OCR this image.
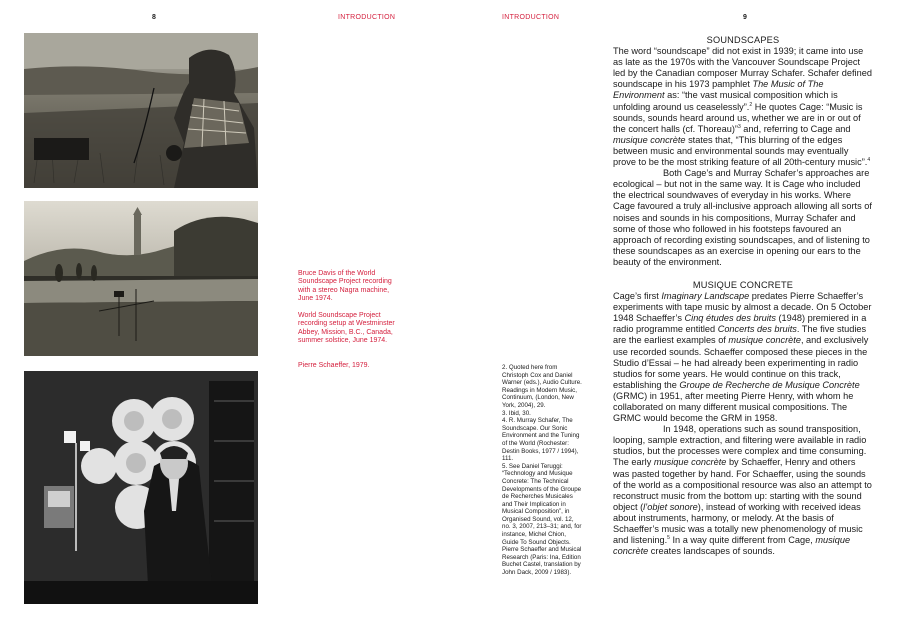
8	INTRODUCTION
Bruce Davis of the World Soundscape Project recording with a stereo Nagra machine, June 1974.
World Soundscape Project recording setup at Westminster Abbey, Mission, B.C., Canada, summer solstice, June 1974.
Pierre Schaeffer, 1979.
INTRODUCTION	9

2. Quoted here from Christoph Cox and Daniel Warner (eds.), Audio Culture. Readings in Modern Music, Continuum, (London, New York, 2004), 29.

3. Ibid, 30.

4. R. Murray Schafer, The Soundscape. Our Sonic Environment and the Tuning of the World (Rochester: Destin Books, 1977 / 1994), 111.

5. See Daniel Teruggi: “Technology and Musique Concrete: The Technical Developments of the Groupe de Recherches Musicales and Their Implication in Musical Composition”, in Organised Sound, vol. 12, no. 3, 2007, 213–31; and, for instance, Michel Chion, Guide To Sound Objects. Pierre Schaeffer and Musical Research (Paris: Ina, Edition Buchet Castel, translation by John Dack, 2009 / 1983).

SOUNDSCAPES

The word “soundscape” did not exist in 1939; it came into use as late as the 1970s with the Vancouver Soundscape Project led by the Canadian composer Murray Schafer. Schafer defined soundscape in his 1973 pamphlet The Music of The Environment as: “the vast musical composition which is unfolding around us ceaselessly”.$^2$ He quotes Cage: “Music is sounds, sounds heard around us, whether we are in or out of the concert halls (cf. Thoreau)”$^3$ and, referring to Cage and musique concrète states that, “This blurring of the edges between music and environmental sounds may eventually prove to be the most striking feature of all 20th-century music”.$^4$

Both Cage’s and Murray Schafer’s approaches are ecological – but not in the same way. It is Cage who included the electrical soundwaves of everyday in his works. Where Cage favoured a truly all-inclusive approach allowing all sorts of noises and sounds in his compositions, Murray Schafer and some of those who followed in his footsteps favoured an approach of recording existing soundscapes, and of listening to these soundscapes as an exercise in opening our ears to the beauty of the environment.

MUSIQUE CONCRETE

Cage’s first Imaginary Landscape predates Pierre Schaeffer’s experiments with tape music by almost a decade. On 5 October 1948 Schaeffer’s Cinq études des bruits (1948) premiered in a radio programme entitled Concerts des bruits. The five studies are the earliest examples of musique concrète, and exclusively use recorded sounds. Schaeffer composed these pieces in the Studio d’Essai – he had already been experimenting in radio studios for some years. He would continue on this track, establishing the Groupe de Recherche de Musique Concrète (GRMC) in 1951, after meeting Pierre Henry, with whom he collaborated on many different musical compositions. The GRMC would become the GRM in 1958.

In 1948, operations such as sound transposition, looping, sample extraction, and filtering were available in radio studios, but the processes were complex and time consuming. The early musique concrète by Schaeffer, Henry and others was pasted together by hand. For Schaeffer, using the sounds of the world as a compositional resource was also an attempt to reconstruct music from the bottom up: starting with the sound object (l’objet sonore), instead of working with received ideas about instruments, harmony, or melody. At the basis of Schaeffer’s music was a totally new phenomenology of music and listening.$^5$ In a way quite different from Cage, musique concrète creates landscapes of sounds.
